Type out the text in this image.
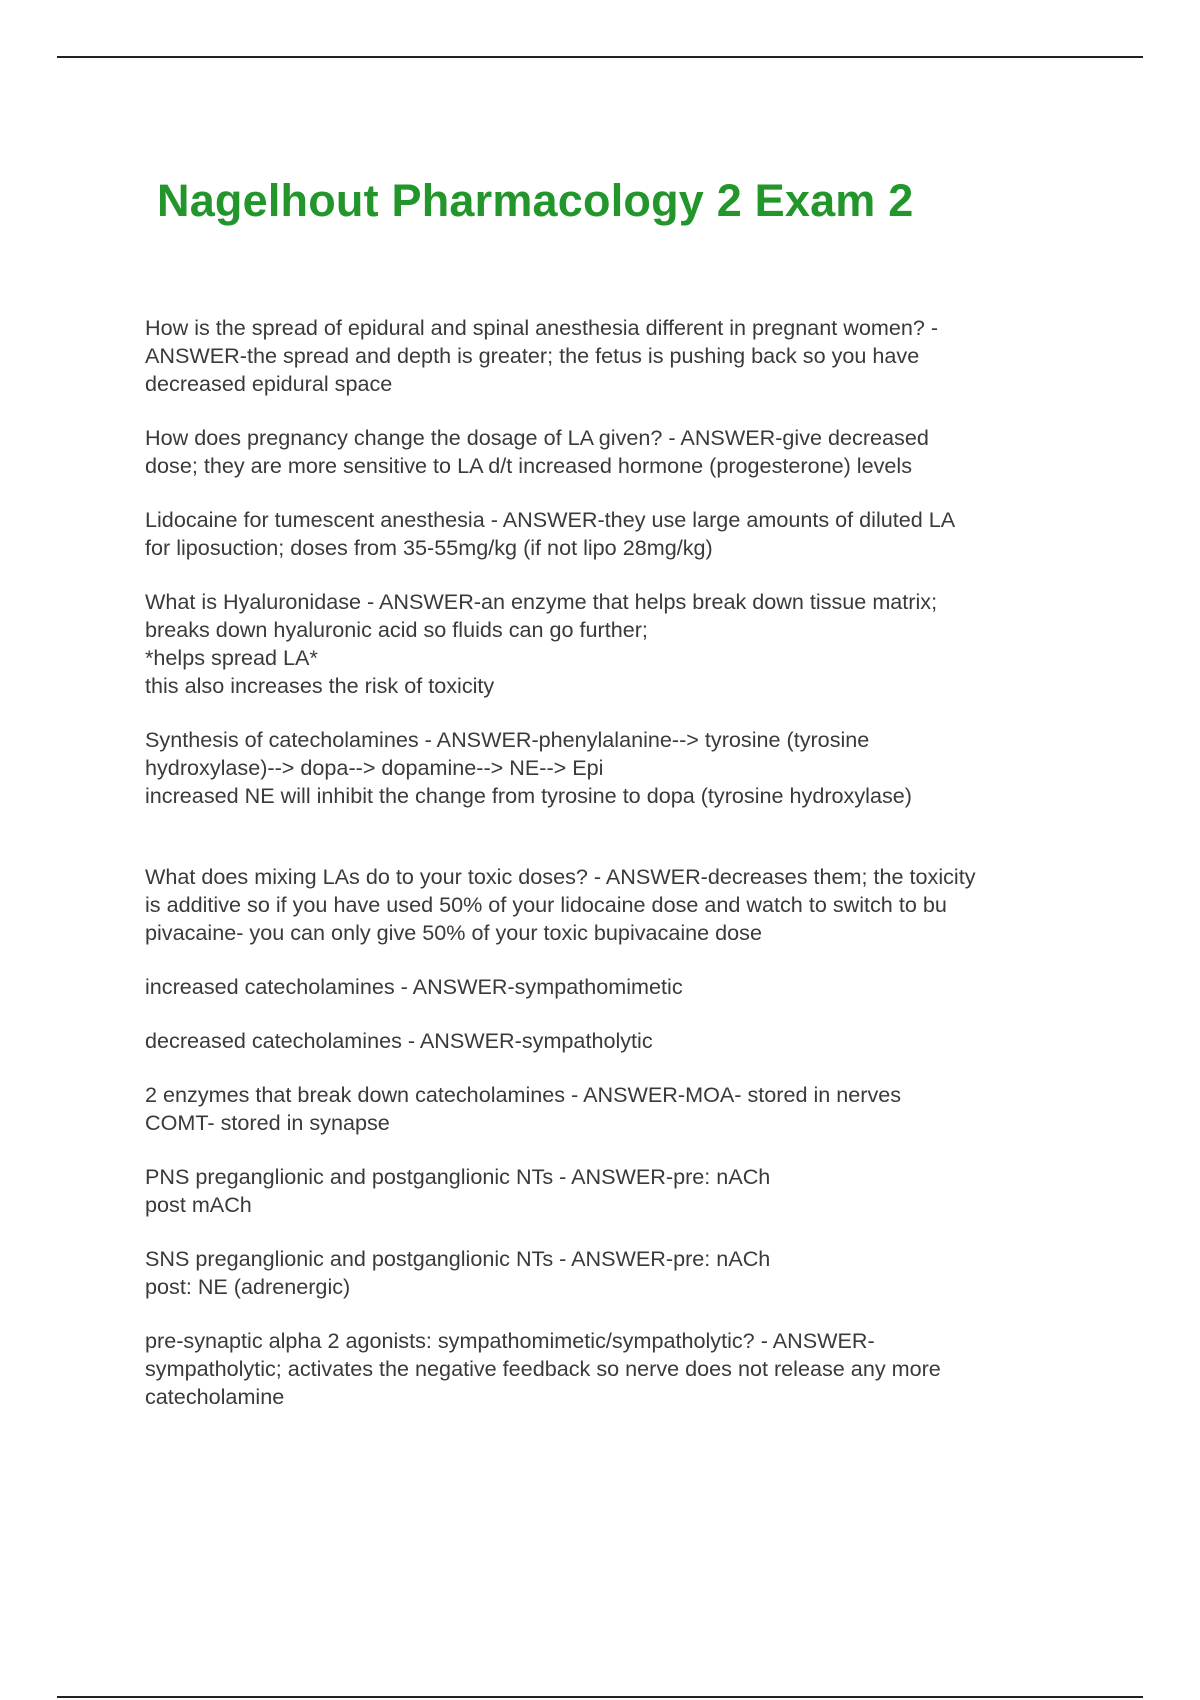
Nagelhout Pharmacology 2 Exam 2

How is the spread of epidural and spinal anesthesia different in pregnant women? -
ANSWER-the spread and depth is greater; the fetus is pushing back so you have
decreased epidural space

How does pregnancy change the dosage of LA given? - ANSWER-give decreased
dose; they are more sensitive to LA d/t increased hormone (progesterone) levels

Lidocaine for tumescent anesthesia - ANSWER-they use large amounts of diluted LA
for liposuction; doses from 35-55mg/kg (if not lipo 28mg/kg)

What is Hyaluronidase - ANSWER-an enzyme that helps break down tissue matrix;
breaks down hyaluronic acid so fluids can go further;
*helps spread LA*
this also increases the risk of toxicity

Synthesis of catecholamines - ANSWER-phenylalanine--> tyrosine (tyrosine
hydroxylase)--> dopa--> dopamine--> NE--> Epi
increased NE will inhibit the change from tyrosine to dopa (tyrosine hydroxylase)

What does mixing LAs do to your toxic doses? - ANSWER-decreases them; the toxicity
is additive so if you have used 50% of your lidocaine dose and watch to switch to bu
pivacaine- you can only give 50% of your toxic bupivacaine dose

increased catecholamines - ANSWER-sympathomimetic

decreased catecholamines - ANSWER-sympatholytic

2 enzymes that break down catecholamines - ANSWER-MOA- stored in nerves
COMT- stored in synapse

PNS preganglionic and postganglionic NTs - ANSWER-pre: nACh
post mACh

SNS preganglionic and postganglionic NTs - ANSWER-pre: nACh
post: NE (adrenergic)

pre-synaptic alpha 2 agonists: sympathomimetic/sympatholytic? - ANSWER-
sympatholytic; activates the negative feedback so nerve does not release any more
catecholamine
